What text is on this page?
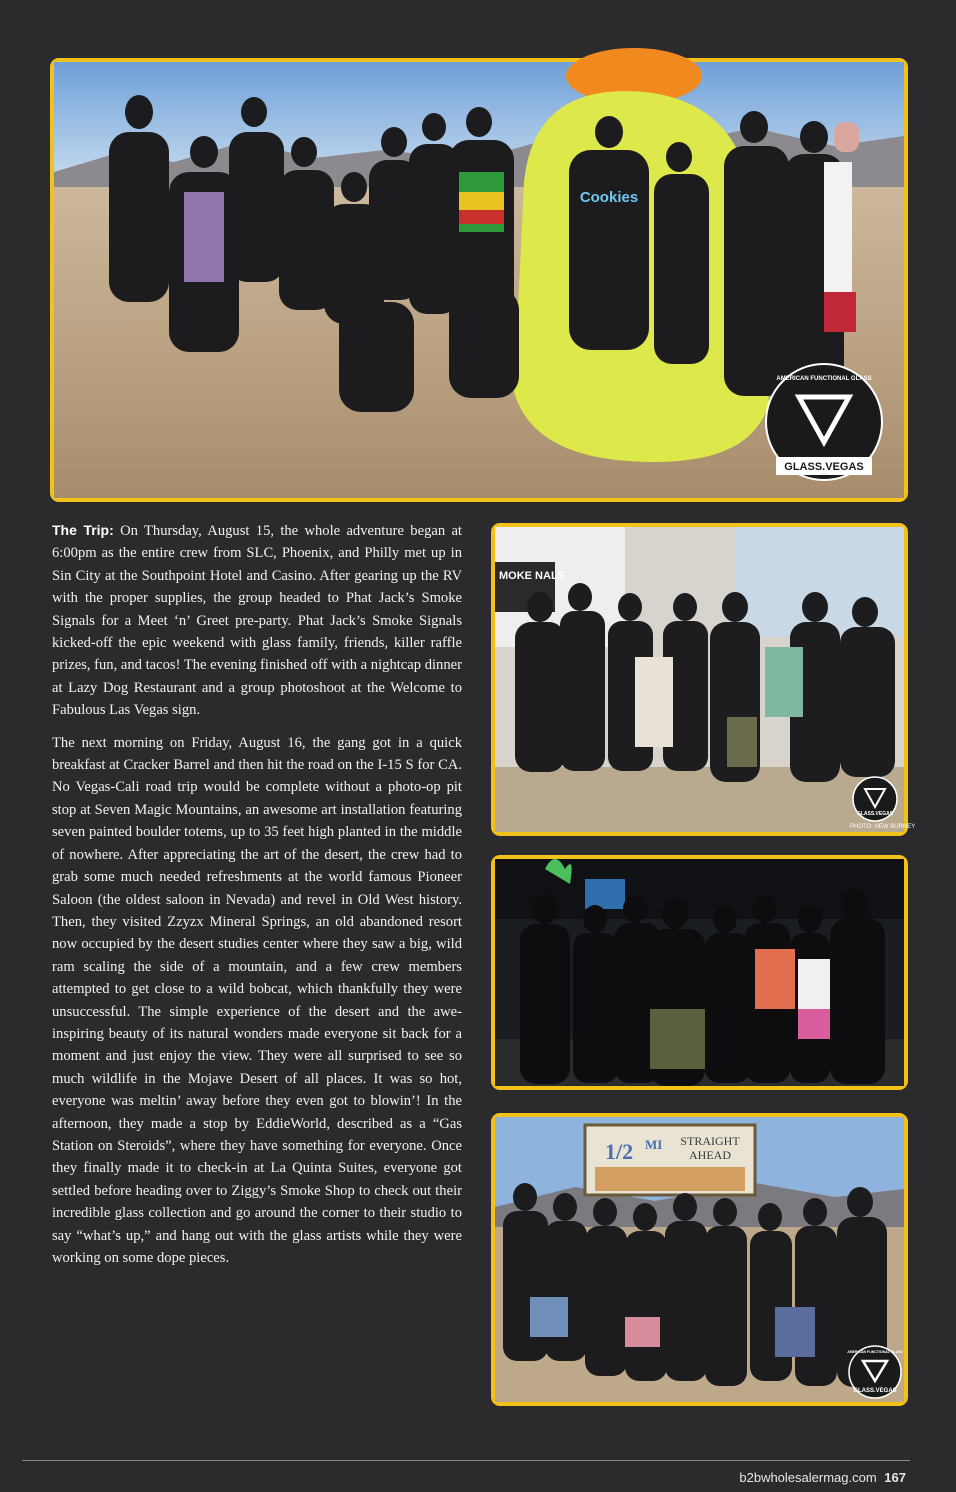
Cookies
AMERICAN FUNCTIONAL GLASS
GLASS.VEGAS

The Trip: On Thursday, August 15, the whole adventure began at 6:00pm as the entire crew from SLC, Phoenix, and Philly met up in Sin City at the Southpoint Hotel and Casino. After gearing up the RV with the proper supplies, the group headed to Phat Jack’s Smoke Signals for a Meet ‘n’ Greet pre-party. Phat Jack’s Smoke Signals kicked-off the epic weekend with glass family, friends, killer raffle prizes, fun, and tacos! The evening finished off with a nightcap dinner at Lazy Dog Restaurant and a group photoshoot at the Welcome to Fabulous Las Vegas sign.

The next morning on Friday, August 16, the gang got in a quick breakfast at Cracker Barrel and then hit the road on the I-15 S for CA. No Vegas-Cali road trip would be complete without a photo-op pit stop at Seven Magic Mountains, an awesome art installation featuring seven painted boulder totems, up to 35 feet high planted in the middle of nowhere. After appreciating the art of the desert, the crew had to grab some much needed refreshments at the world famous Pioneer Saloon (the oldest saloon in Nevada) and revel in Old West history. Then, they visited Zzyzx Mineral Springs, an old abandoned resort now occupied by the desert studies center where they saw a big, wild ram scaling the side of a mountain, and a few crew members attempted to get close to a wild bobcat, which thankfully they were unsuccessful. The simple experience of the desert and the awe-inspiring beauty of its natural wonders made everyone sit back for a moment and just enjoy the view. They were all surprised to see so much wildlife in the Mojave Desert of all places. It was so hot, everyone was meltin’ away before they even got to blowin’! In the afternoon, they made a stop by EddieWorld, described as a “Gas Station on Steroids”, where they have something for everyone. Once they finally made it to check-in at La Quinta Suites, everyone got settled before heading over to Ziggy’s Smoke Shop to check out their incredible glass collection and go around the corner to their studio to say “what’s up,” and hang out with the glass artists while they were working on some dope pieces.

MOKE NALS
GLASS.VEGAS
PHOTO: HEW BURNEY
1/2 MI STRAIGHT
AHEAD
AMERICAN FUNCTIONAL GLASS
GLASS.VEGAS
b2bwholesalermag.com 167
